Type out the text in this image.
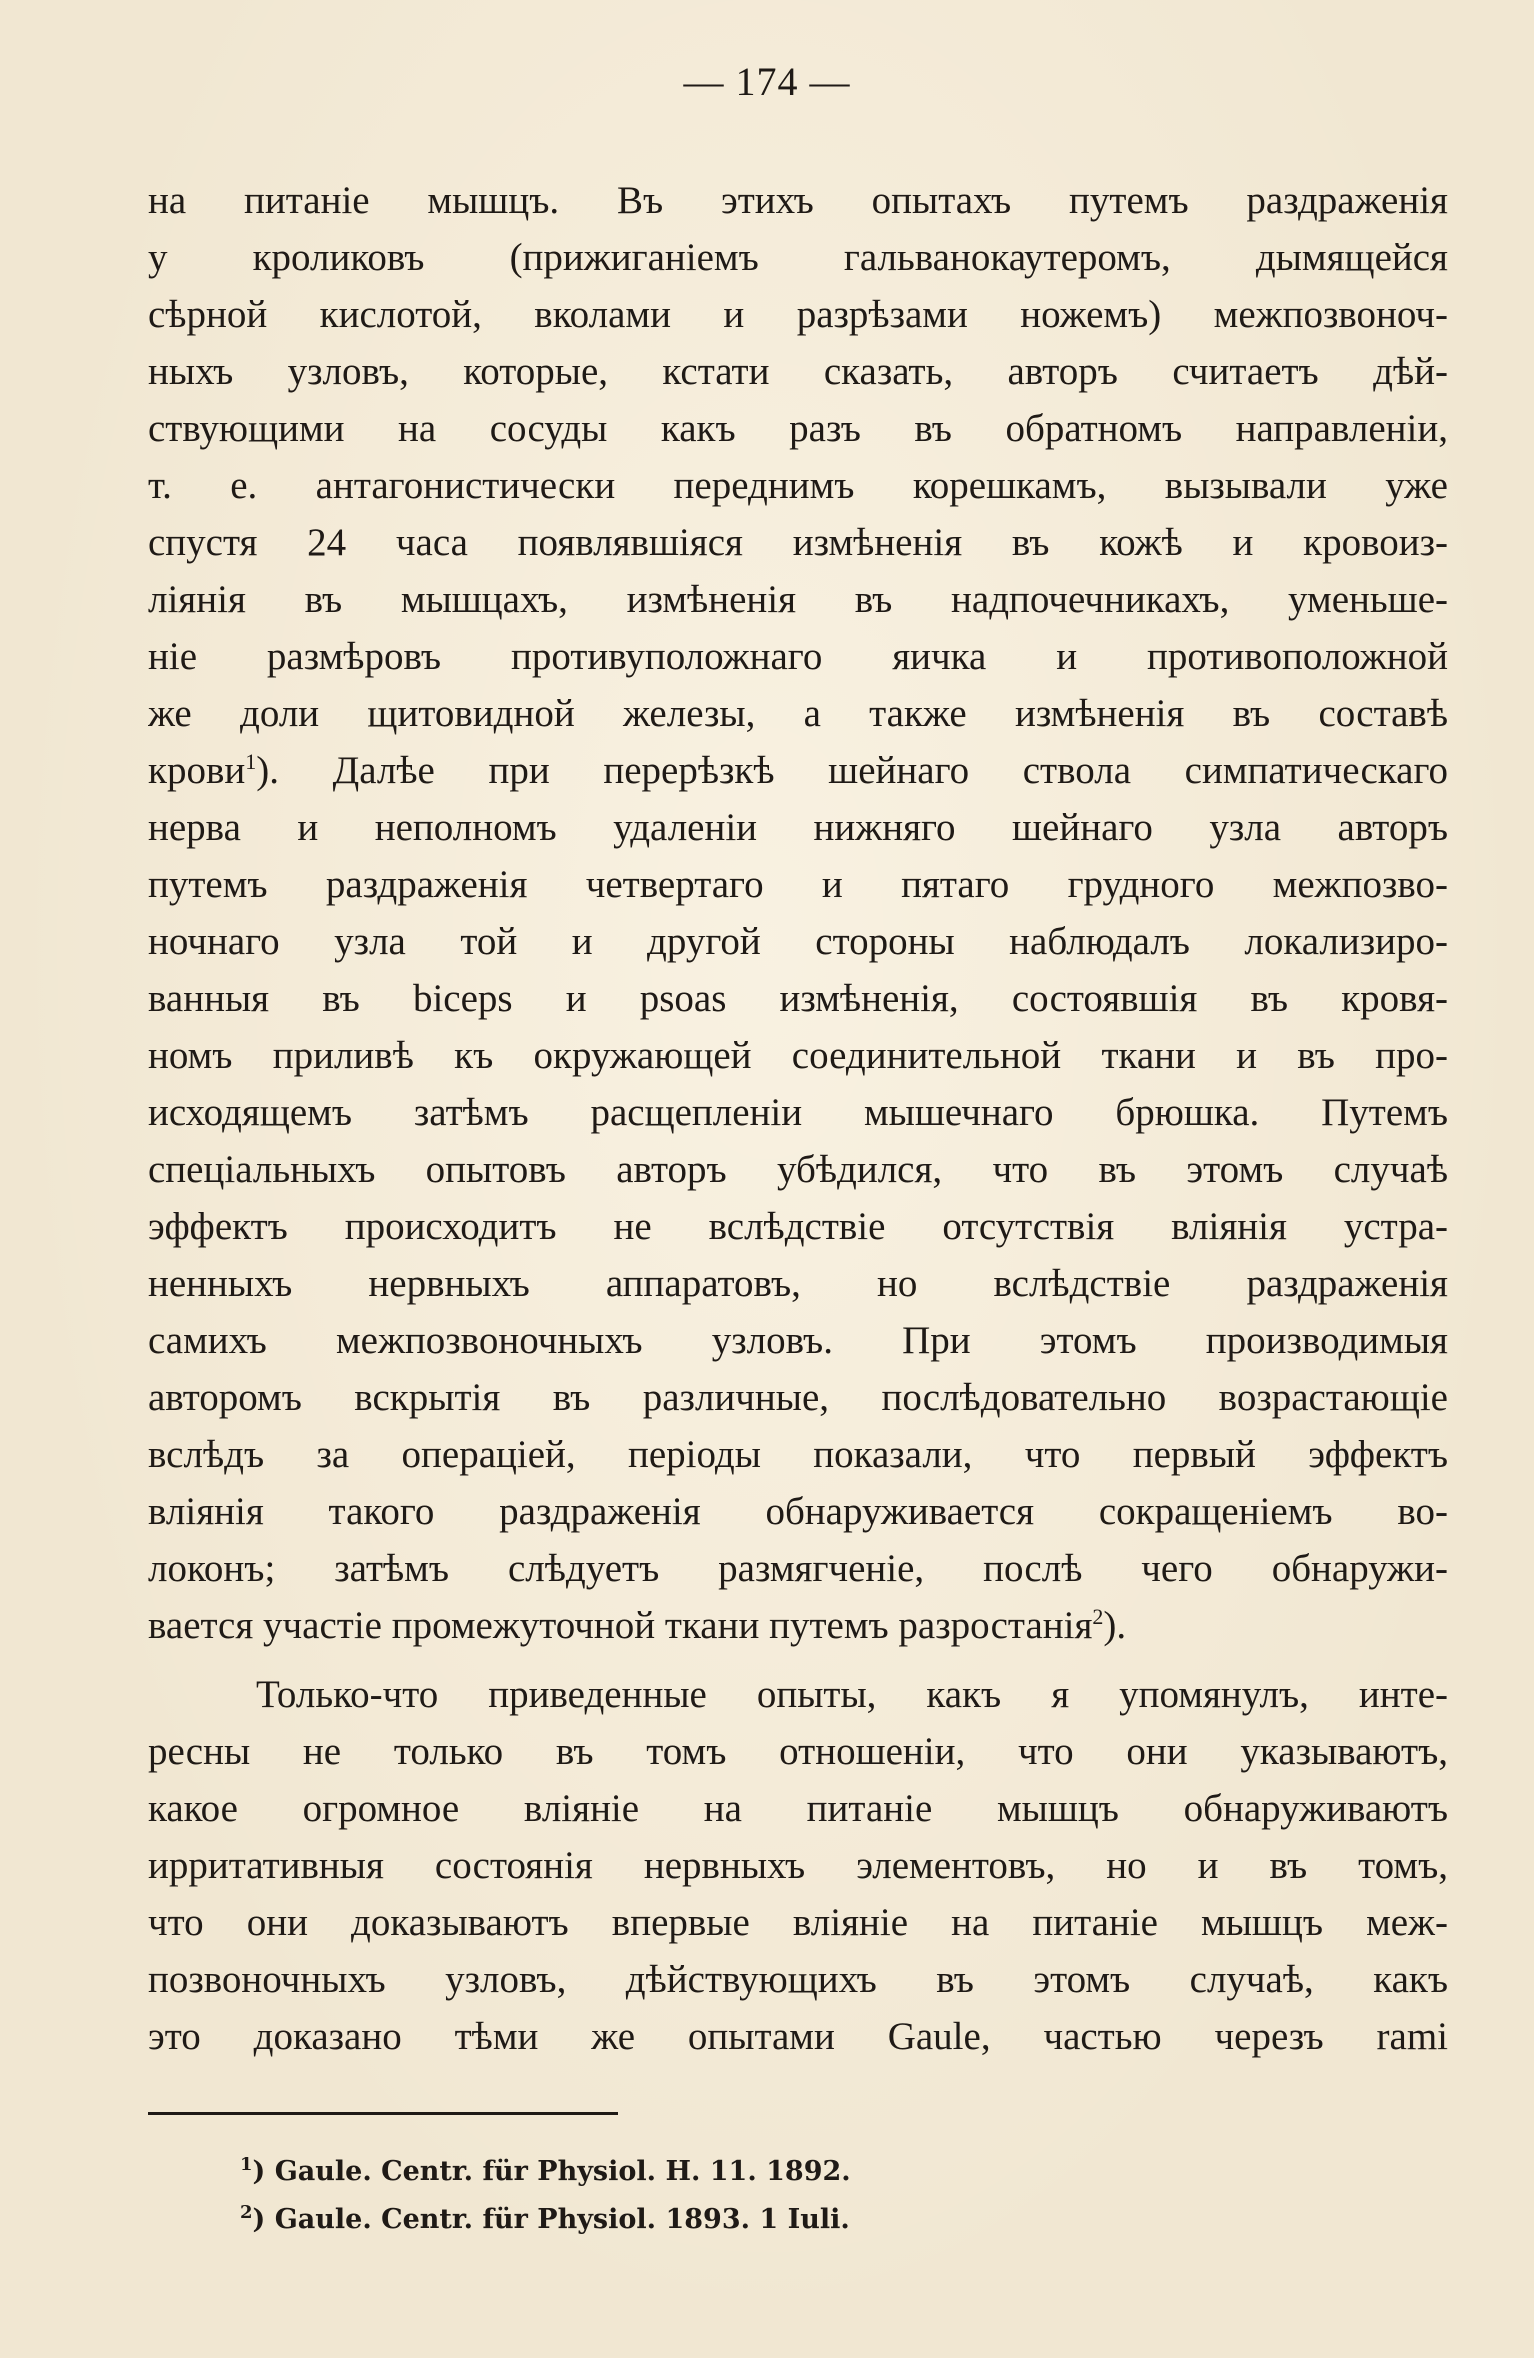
— 174 —
на питаніе мышцъ. Въ этихъ опытахъ путемъ раздраженія
у кроликовъ (прижиганіемъ гальванокаутеромъ, дымящейся
сѣрной кислотой, вколами и разрѣзами ножемъ) межпозвоноч-
ныхъ узловъ, которые, кстати сказать, авторъ считаетъ дѣй-
ствующими на сосуды какъ разъ въ обратномъ направленіи,
т. е. антагонистически переднимъ корешкамъ, вызывали уже
спустя 24 часа появлявшіяся измѣненія въ кожѣ и кровоиз-
ліянія въ мышцахъ, измѣненія въ надпочечникахъ, уменьше-
ніе размѣровъ противуположнаго яичка и противоположной
же доли щитовидной железы, а также измѣненія въ составѣ
крови$^1$). Далѣе при перерѣзкѣ шейнаго ствола симпатическаго
нерва и неполномъ удаленіи нижняго шейнаго узла авторъ
путемъ раздраженія четвертаго и пятаго грудного межпозво-
ночнаго узла той и другой стороны наблюдалъ локализиро-
ванныя въ biceps и psoas измѣненія, состоявшія въ кровя-
номъ приливѣ къ окружающей соединительной ткани и въ про-
исходящемъ затѣмъ расщепленіи мышечнаго брюшка. Путемъ
спеціальныхъ опытовъ авторъ убѣдился, что въ этомъ случаѣ
эффектъ происходитъ не вслѣдствіе отсутствія вліянія устра-
ненныхъ нервныхъ аппаратовъ, но вслѣдствіе раздраженія
самихъ межпозвоночныхъ узловъ. При этомъ производимыя
авторомъ вскрытія въ различные, послѣдовательно возрастающіе
вслѣдъ за операціей, періоды показали, что первый эффектъ
вліянія такого раздраженія обнаруживается сокращеніемъ во-
локонъ; затѣмъ слѣдуетъ размягченіе, послѣ чего обнаружи-
вается участіе промежуточной ткани путемъ разростанія$^2$).
Только-что приведенные опыты, какъ я упомянулъ, инте-
ресны не только въ томъ отношеніи, что они указываютъ,
какое огромное вліяніе на питаніе мышцъ обнаруживаютъ
ирритативныя состоянія нервныхъ элементовъ, но и въ томъ,
что они доказываютъ впервые вліяніе на питаніе мышцъ меж-
позвоночныхъ узловъ, дѣйствующихъ въ этомъ случаѣ, какъ
это доказано тѣми же опытами Gaule, частью черезъ rami
$^1$) Gaule. Centr. für Physiol. H. 11. 1892.
$^2$) Gaule. Centr. für Physiol. 1893. 1 Iuli.
